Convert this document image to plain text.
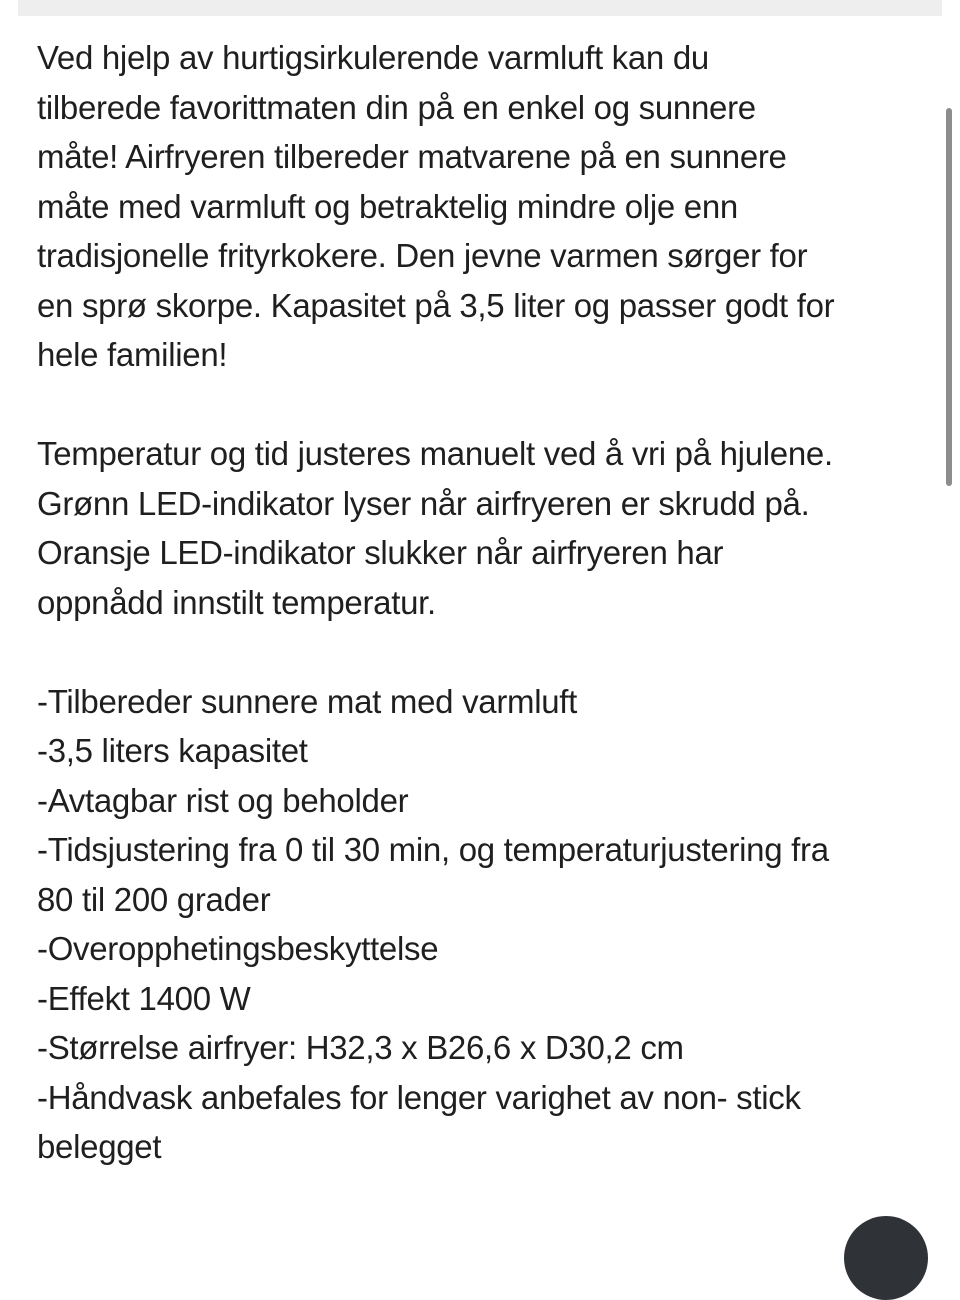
Ved hjelp av hurtigsirkulerende varmluft kan du
tilberede favorittmaten din på en enkel og sunnere
måte! Airfryeren tilbereder matvarene på en sunnere
måte med varmluft og betraktelig mindre olje enn
tradisjonelle frityrkokere. Den jevne varmen sørger for
en sprø skorpe. Kapasitet på 3,5 liter og passer godt for
hele familien!

Temperatur og tid justeres manuelt ved å vri på hjulene.
Grønn LED-indikator lyser når airfryeren er skrudd på.
Oransje LED-indikator slukker når airfryeren har
oppnådd innstilt temperatur.

-Tilbereder sunnere mat med varmluft
-3,5 liters kapasitet
-Avtagbar rist og beholder
-Tidsjustering fra 0 til 30 min, og temperaturjustering fra
80 til 200 grader
-Overopphetingsbeskyttelse
-Effekt 1400 W
-Størrelse airfryer: H32,3 x B26,6 x D30,2 cm
-Håndvask anbefales for lenger varighet av non- stick
belegget
